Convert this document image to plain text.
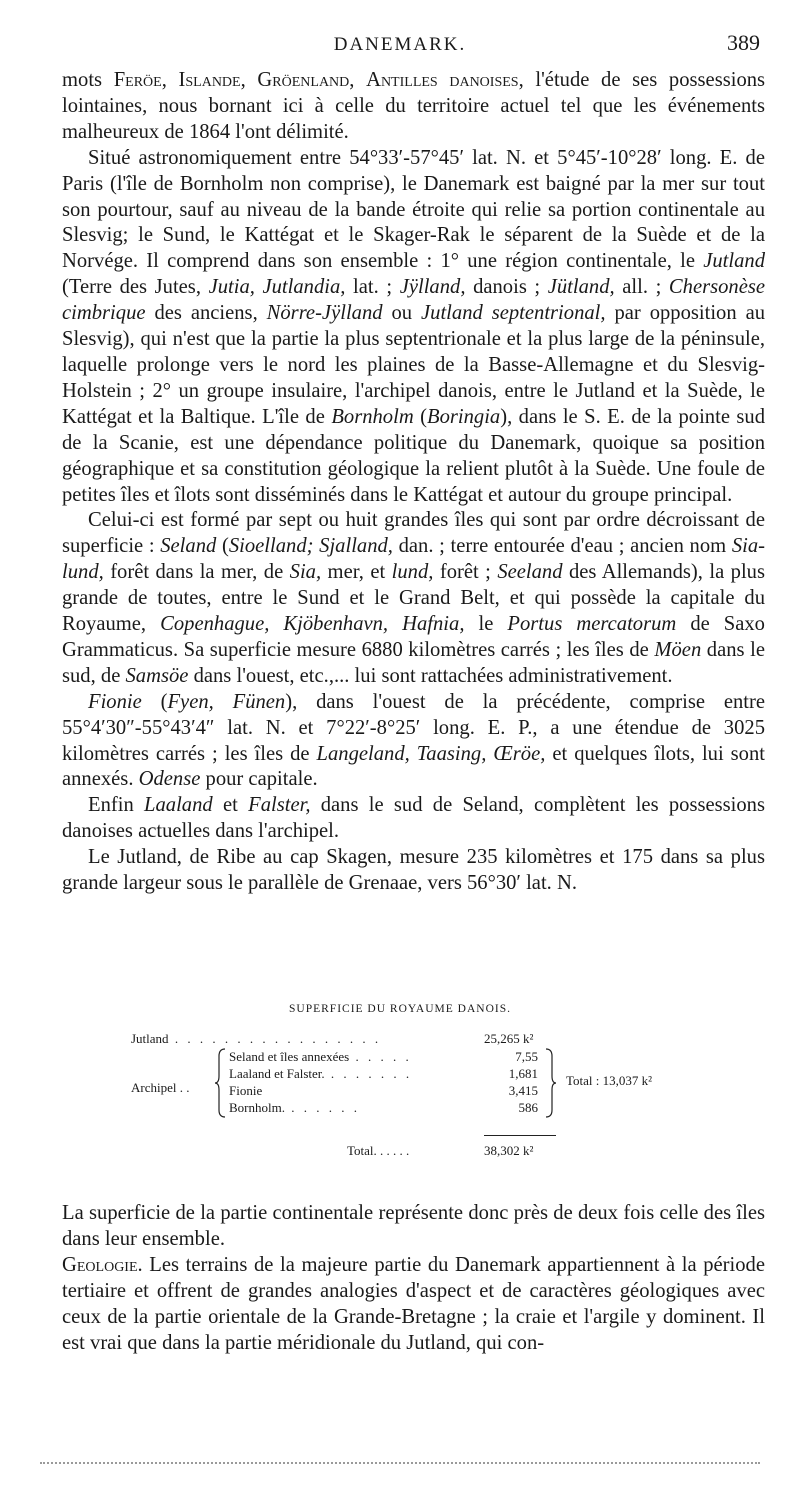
DANEMARK.	389

mots Feröe, Islande, Gröenland, Antilles danoises, l'étude de ses possessions lointaines, nous bornant ici à celle du territoire actuel tel que les événements malheureux de 1864 l'ont délimité.

Situé astronomiquement entre 54°33′-57°45′ lat. N. et 5°45′-10°28′ long. E. de Paris (l'île de Bornholm non comprise), le Danemark est baigné par la mer sur tout son pourtour, sauf au niveau de la bande étroite qui relie sa portion continentale au Slesvig; le Sund, le Kattégat et le Skager-Rak le séparent de la Suède et de la Norvége. Il comprend dans son ensemble : 1° une région continentale, le Jutland (Terre des Jutes, Jutia, Jutlandia, lat. ; Jÿlland, danois ; Jütland, all. ; Chersonèse cimbrique des anciens, Nörre-Jÿlland ou Jutland septentrional, par opposition au Slesvig), qui n'est que la partie la plus septentrionale et la plus large de la péninsule, laquelle prolonge vers le nord les plaines de la Basse-Allemagne et du Slesvig-Holstein ; 2° un groupe insulaire, l'archipel danois, entre le Jutland et la Suède, le Kattégat et la Baltique. L'île de Bornholm (Boringia), dans le S. E. de la pointe sud de la Scanie, est une dépendance politique du Danemark, quoique sa position géographique et sa constitution géologique la relient plutôt à la Suède. Une foule de petites îles et îlots sont disséminés dans le Kattégat et autour du groupe principal.

Celui-ci est formé par sept ou huit grandes îles qui sont par ordre décroissant de superficie : Seland (Sioelland; Sjalland, dan. ; terre entourée d'eau ; ancien nom Sia-lund, forêt dans la mer, de Sia, mer, et lund, forêt ; Seeland des Allemands), la plus grande de toutes, entre le Sund et le Grand Belt, et qui possède la capitale du Royaume, Copenhague, Kjöbenhavn, Hafnia, le Portus mercatorum de Saxo Grammaticus. Sa superficie mesure 6880 kilomètres carrés ; les îles de Möen dans le sud, de Samsöe dans l'ouest, etc.,... lui sont rattachées administrativement.

Fionie (Fyen, Fünen), dans l'ouest de la précédente, comprise entre 55°4′30″-55°43′4″ lat. N. et 7°22′-8°25′ long. E. P., a une étendue de 3025 kilomètres carrés ; les îles de Langeland, Taasing, Œröe, et quelques îlots, lui sont annexés. Odense pour capitale.

Enfin Laaland et Falster, dans le sud de Seland, complètent les possessions danoises actuelles dans l'archipel.

Le Jutland, de Ribe au cap Skagen, mesure 235 kilomètres et 175 dans sa plus grande largeur sous le parallèle de Grenaae, vers 56°30′ lat. N.

SUPERFICIE DU ROYAUME DANOIS.
Jutland . . . . . . . . . . . . . . . . .	25,265 k²
Archipel . .
Seland et îles annexées . . . . .	7,55
Laaland et Falster. . . . . . . .	1,681
Fionie	3,415
Bornholm. . . . . . .	586
Total : 13,037 k²
Total. . . . . .	38,302 k²

La superficie de la partie continentale représente donc près de deux fois celle des îles dans leur ensemble.

Geologie. Les terrains de la majeure partie du Danemark appartiennent à la période tertiaire et offrent de grandes analogies d'aspect et de caractères géologiques avec ceux de la partie orientale de la Grande-Bretagne ; la craie et l'argile y dominent. Il est vrai que dans la partie méridionale du Jutland, qui con-
